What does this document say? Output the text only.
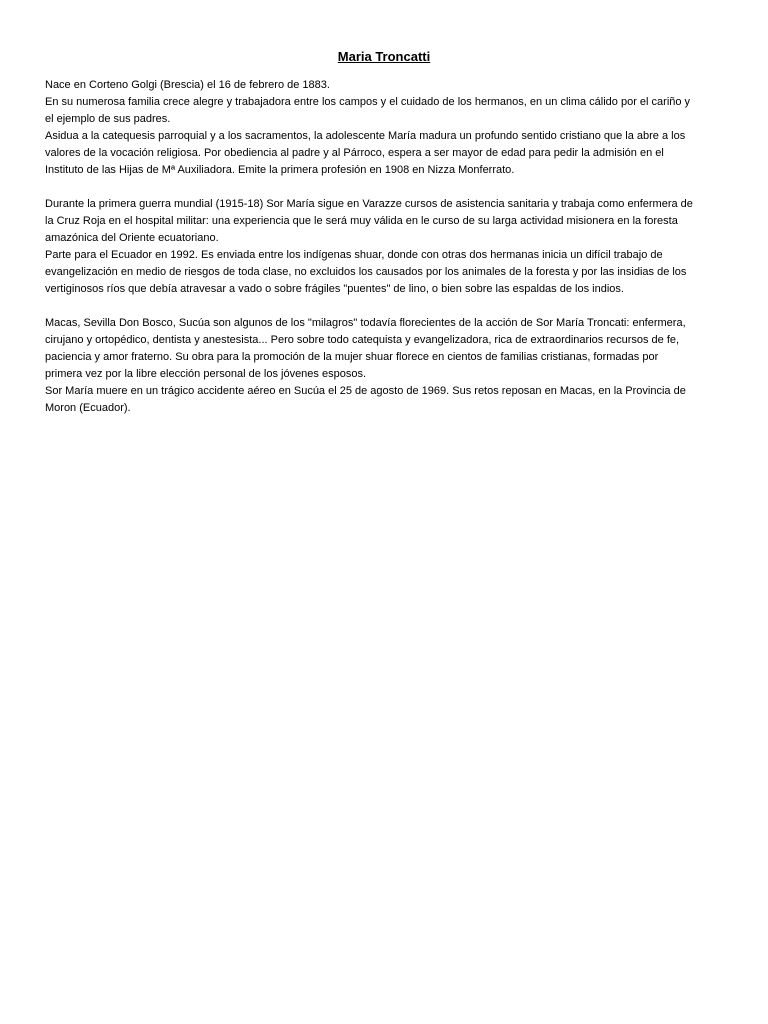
Maria Troncatti
Nace en Corteno Golgi (Brescia) el 16 de febrero de 1883.
En su numerosa familia crece alegre y trabajadora entre los campos y el cuidado de los hermanos, en un clima cálido por el cariño y
el ejemplo de sus padres.
Asidua a la catequesis parroquial y a los sacramentos, la adolescente María madura un profundo sentido cristiano que la abre a los
valores de la vocación religiosa. Por obediencia al padre y al Párroco, espera a ser mayor de edad para pedir la admisión en el
Instituto de las Hijas de Mª Auxiliadora. Emite la primera profesión en 1908 en Nizza Monferrato.
Durante la primera guerra mundial (1915-18) Sor María sigue en Varazze cursos de asistencia sanitaria y trabaja como enfermera de
la Cruz Roja en el hospital militar: una experiencia que le será muy válida en le curso de su larga actividad misionera en la foresta
amazónica del Oriente ecuatoriano.
Parte para el Ecuador en 1992. Es enviada entre los indígenas shuar, donde con otras dos hermanas inicia un difícil trabajo de
evangelización en medio de riesgos de toda clase, no excluidos los causados por los animales de la foresta y por las insidias de los
vertiginosos ríos que debía atravesar a vado o sobre frágiles "puentes" de lino, o bien sobre las espaldas de los indios.
Macas, Sevilla Don Bosco, Sucúa son algunos de los "milagros" todavía florecientes de la acción de Sor María Troncati: enfermera,
cirujano y ortopédico, dentista y anestesista... Pero sobre todo catequista y evangelizadora, rica de extraordinarios recursos de fe,
paciencia y amor fraterno. Su obra para la promoción de la mujer shuar florece en cientos de familias cristianas, formadas por
primera vez por la libre elección personal de los jóvenes esposos.
Sor María muere en un trágico accidente aéreo en Sucúa el 25 de agosto de 1969. Sus retos reposan en Macas, en la Provincia de
Moron (Ecuador).
